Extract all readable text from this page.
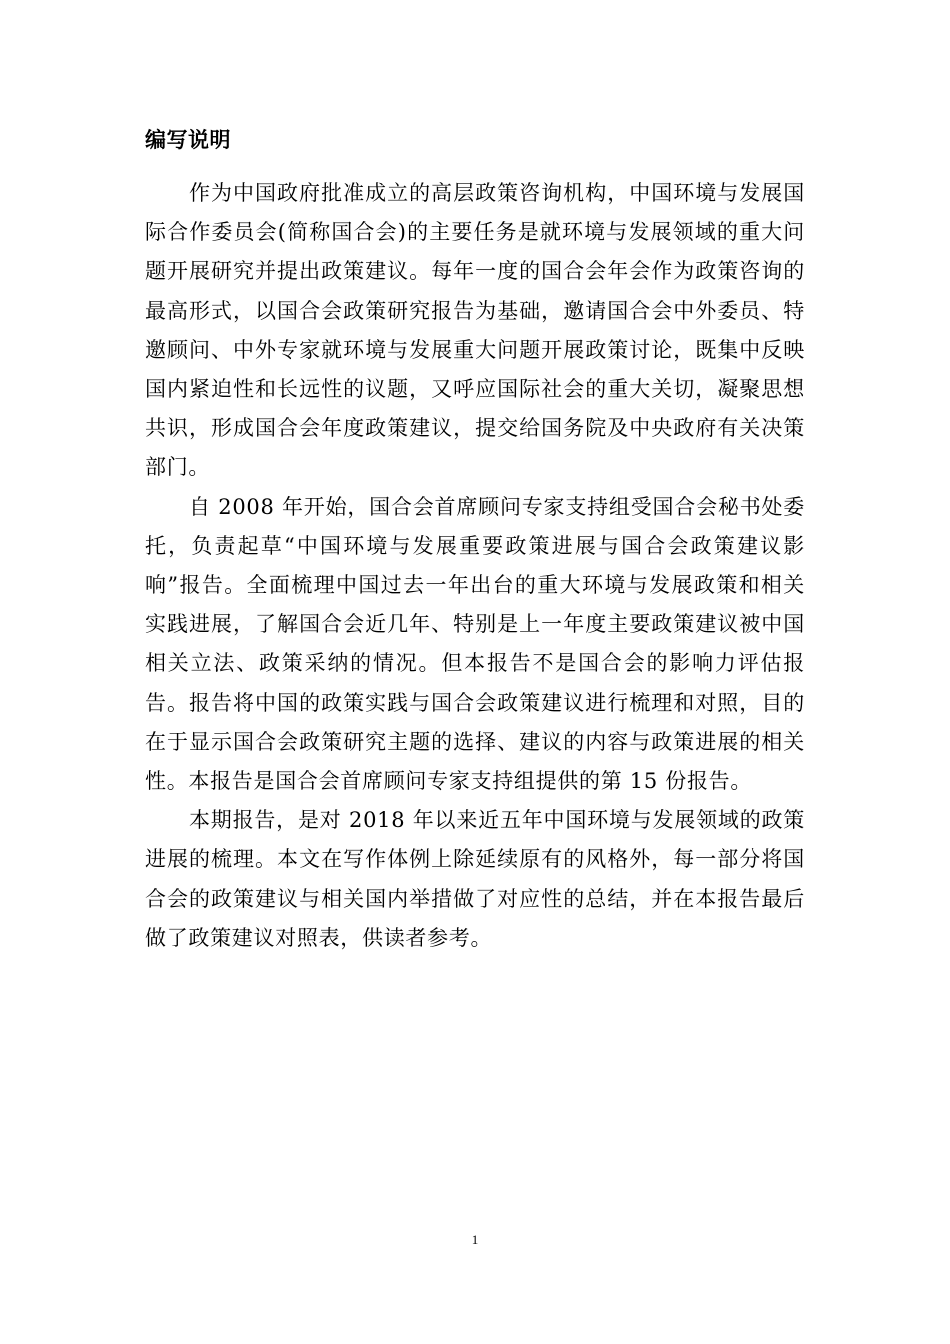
编写说明

作为中国政府批准成立的高层政策咨询机构，中国环境与发展国际合作委员会(简称国合会)的主要任务是就环境与发展领域的重大问题开展研究并提出政策建议。每年一度的国合会年会作为政策咨询的最高形式，以国合会政策研究报告为基础，邀请国合会中外委员、特邀顾问、中外专家就环境与发展重大问题开展政策讨论，既集中反映国内紧迫性和长远性的议题，又呼应国际社会的重大关切，凝聚思想共识，形成国合会年度政策建议，提交给国务院及中央政府有关决策部门。

自 2008 年开始，国合会首席顾问专家支持组受国合会秘书处委托，负责起草“中国环境与发展重要政策进展与国合会政策建议影响”报告。全面梳理中国过去一年出台的重大环境与发展政策和相关实践进展，了解国合会近几年、特别是上一年度主要政策建议被中国相关立法、政策采纳的情况。但本报告不是国合会的影响力评估报告。报告将中国的政策实践与国合会政策建议进行梳理和对照，目的在于显示国合会政策研究主题的选择、建议的内容与政策进展的相关性。本报告是国合会首席顾问专家支持组提供的第 15 份报告。

本期报告，是对 2018 年以来近五年中国环境与发展领域的政策进展的梳理。本文在写作体例上除延续原有的风格外，每一部分将国合会的政策建议与相关国内举措做了对应性的总结，并在本报告最后做了政策建议对照表，供读者参考。

1
